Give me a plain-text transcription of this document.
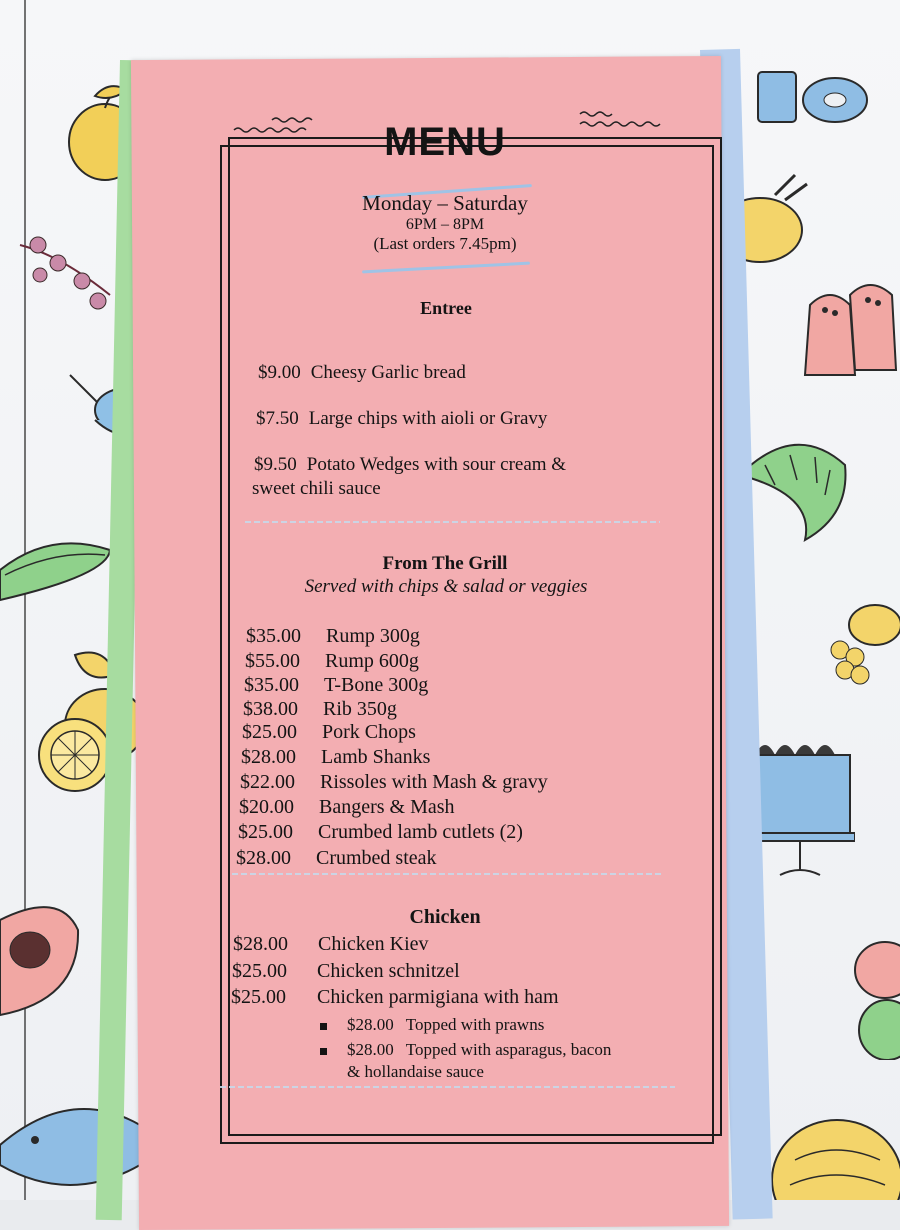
MENU
Monday – Saturday
6PM – 8PM
(Last orders 7.45pm)
Entree
$9.00 Cheesy Garlic bread
$7.50 Large chips with aioli or Gravy
$9.50 Potato Wedges with sour cream &
sweet chili sauce
From The Grill
Served with chips & salad or veggies
$35.00 Rump 300g
$55.00 Rump 600g
$35.00 T-Bone 300g
$38.00 Rib 350g
$25.00 Pork Chops
$28.00 Lamb Shanks
$22.00 Rissoles with Mash & gravy
$20.00 Bangers & Mash
$25.00 Crumbed lamb cutlets (2)
$28.00 Crumbed steak
Chicken
$28.00 Chicken Kiev
$25.00 Chicken schnitzel
$25.00 Chicken parmigiana with ham
$28.00 Topped with prawns
$28.00 Topped with asparagus, bacon
& hollandaise sauce
